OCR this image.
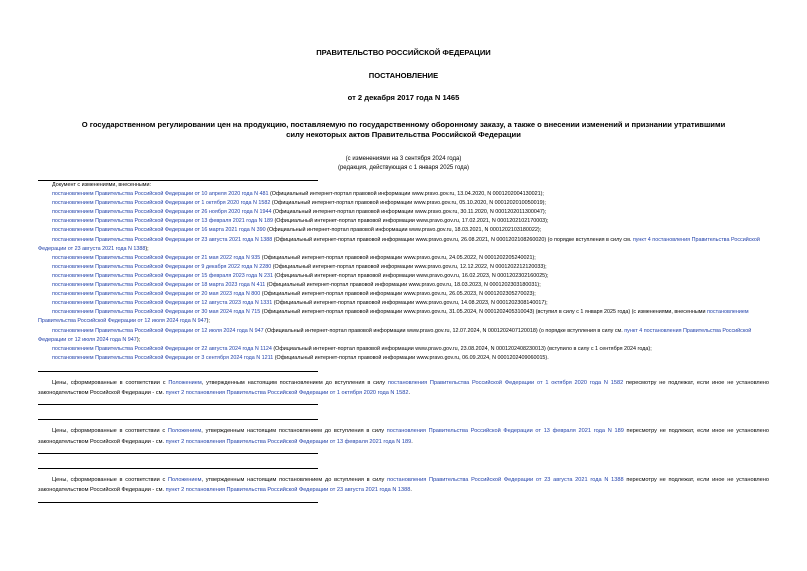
ПРАВИТЕЛЬСТВО РОССИЙСКОЙ ФЕДЕРАЦИИ
ПОСТАНОВЛЕНИЕ
от 2 декабря 2017 года N 1465
О государственном регулировании цен на продукцию, поставляемую по государственному оборонному заказу, а также о внесении изменений и признании утратившими силу некоторых актов Правительства Российской Федерации
(с изменениями на 3 сентября 2024 года)
(редакция, действующая с 1 января 2025 года)
Документ с изменениями, внесенными:
постановлением Правительства Российской Федерации от 10 апреля 2020 года N 481 (Официальный интернет-портал правовой информации www.pravo.gov.ru, 13.04.2020, N 0001202004130021);
постановлением Правительства Российской Федерации от 1 октября 2020 года N 1582 (Официальный интернет-портал правовой информации www.pravo.gov.ru, 05.10.2020, N 0001202010050019);
постановлением Правительства Российской Федерации от 26 ноября 2020 года N 1944 (Официальный интернет-портал правовой информации www.pravo.gov.ru, 30.11.2020, N 0001202011300047);
постановлением Правительства Российской Федерации от 13 февраля 2021 года N 189 (Официальный интернет-портал правовой информации www.pravo.gov.ru, 17.02.2021, N 0001202102170003);
постановлением Правительства Российской Федерации от 16 марта 2021 года N 390 (Официальный интернет-портал правовой информации www.pravo.gov.ru, 18.03.2021, N 0001202103180022);
постановлением Правительства Российской Федерации от 23 августа 2021 года N 1388 (Официальный интернет-портал правовой информации www.pravo.gov.ru, 26.08.2021, N 0001202108260020) (о порядке вступления в силу см. пункт 4 постановления Правительства Российской Федерации от 23 августа 2021 года N 1388);
постановлением Правительства Российской Федерации от 21 мая 2022 года N 935 (Официальный интернет-портал правовой информации www.pravo.gov.ru, 24.05.2022, N 0001202205240021);
постановлением Правительства Российской Федерации от 9 декабря 2022 года N 2280 (Официальный интернет-портал правовой информации www.pravo.gov.ru, 12.12.2022, N 0001202212120033);
постановлением Правительства Российской Федерации от 15 февраля 2023 года N 231 (Официальный интернет-портал правовой информации www.pravo.gov.ru, 16.02.2023, N 0001202302160025);
постановлением Правительства Российской Федерации от 18 марта 2023 года N 411 (Официальный интернет-портал правовой информации www.pravo.gov.ru, 18.03.2023, N 0001202303180031);
постановлением Правительства Российской Федерации от 20 мая 2023 года N 800 (Официальный интернет-портал правовой информации www.pravo.gov.ru, 26.05.2023, N 0001202305270023);
постановлением Правительства Российской Федерации от 12 августа 2023 года N 1331 (Официальный интернет-портал правовой информации www.pravo.gov.ru, 14.08.2023, N 0001202308140017);
постановлением Правительства Российской Федерации от 30 мая 2024 года N 715 (Официальный интернет-портал правовой информации www.pravo.gov.ru, 31.05.2024, N 0001202405310043) (вступил в силу с 1 января 2025 года) (с изменениями, внесенными постановлением Правительства Российской Федерации от 12 июля 2024 года N 947);
постановлением Правительства Российской Федерации от 12 июля 2024 года N 947 (Официальный интернет-портал правовой информации www.pravo.gov.ru, 12.07.2024, N 0001202407120018) (о порядке вступления в силу см. пункт 4 постановления Правительства Российской Федерации от 12 июля 2024 года N 947);
постановлением Правительства Российской Федерации от 22 августа 2024 года N 1124 (Официальный интернет-портал правовой информации www.pravo.gov.ru, 23.08.2024, N 0001202408230013) (вступило в силу с 1 сентября 2024 года);
постановлением Правительства Российской Федерации от 3 сентября 2024 года N 1211 (Официальный интернет-портал правовой информации www.pravo.gov.ru, 06.09.2024, N 0001202409060015).
Цены, сформированные в соответствии с Положением, утвержденным настоящим постановлением до вступления в силу постановления Правительства Российской Федерации от 1 октября 2020 года N 1582 пересмотру не подлежат, если иное не установлено законодательством Российской Федерации - см. пункт 2 постановления Правительства Российской Федерации от 1 октября 2020 года N 1582.
Цены, сформированные в соответствии с Положением, утвержденным настоящим постановлением до вступления в силу постановления Правительства Российской Федерации от 13 февраля 2021 года N 189 пересмотру не подлежат, если иное не установлено законодательством Российской Федерации - см. пункт 2 постановления Правительства Российской Федерации от 13 февраля 2021 года N 189.
Цены, сформированные в соответствии с Положением, утвержденным настоящим постановлением до вступления в силу постановления Правительства Российской Федерации от 23 августа 2021 года N 1388 пересмотру не подлежат, если иное не установлено законодательством Российской Федерации - см. пункт 2 постановления Правительства Российской Федерации от 23 августа 2021 года N 1388.
